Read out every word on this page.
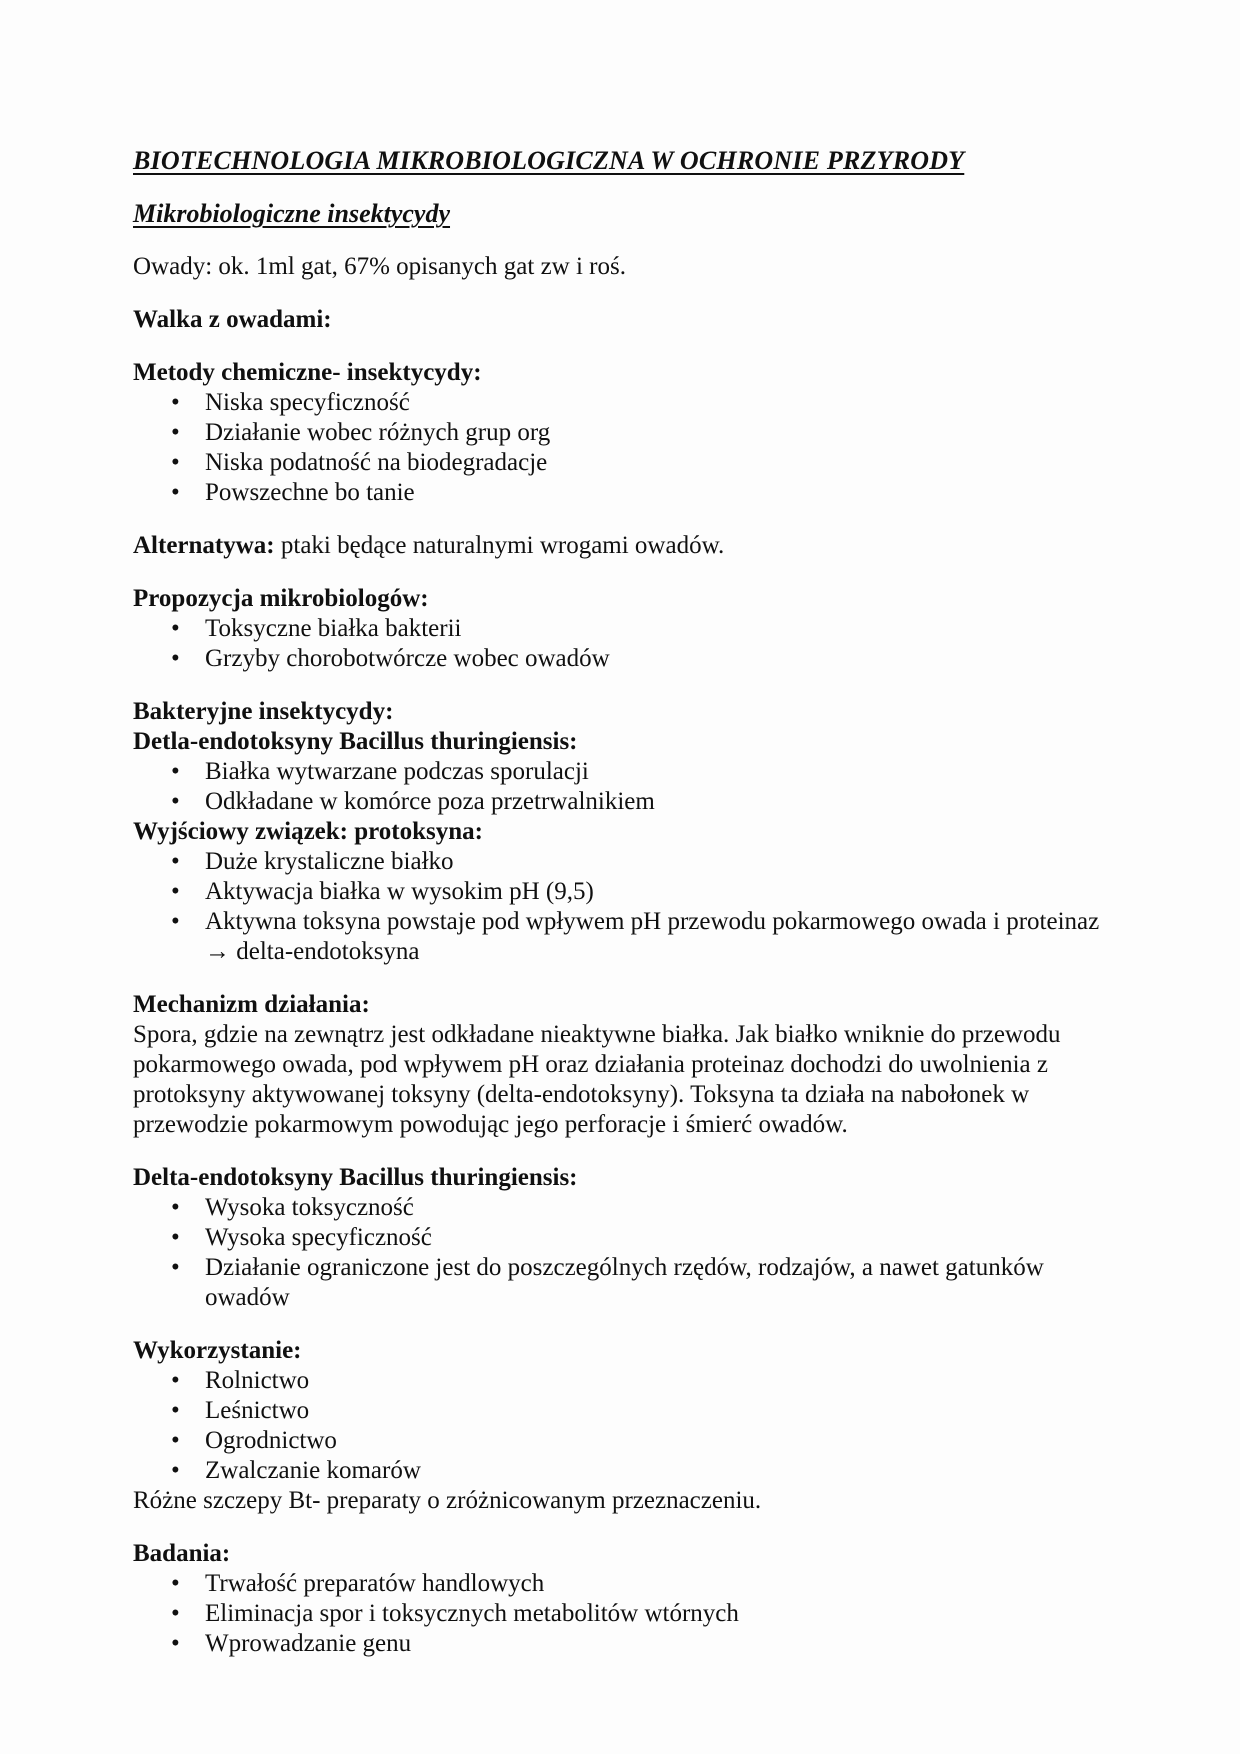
BIOTECHNOLOGIA MIKROBIOLOGICZNA W OCHRONIE PRZYRODY
Mikrobiologiczne insektycydy

Owady: ok. 1ml gat, 67% opisanych gat zw i roś.

Walka z owadami:
Metody chemiczne- insektycydy:
• Niska specyficzność
• Działanie wobec różnych grup org
• Niska podatność na biodegradacje
• Powszechne bo tanie

Alternatywa: ptaki będące naturalnymi wrogami owadów.

Propozycja mikrobiologów:
• Toksyczne białka bakterii
• Grzyby chorobotwórcze wobec owadów
Bakteryjne insektycydy:
Detla-endotoksyny Bacillus thuringiensis:
• Białka wytwarzane podczas sporulacji
• Odkładane w komórce poza przetrwalnikiem
Wyjściowy związek: protoksyna:
• Duże krystaliczne białko
• Aktywacja białka w wysokim pH (9,5)
• Aktywna toksyna powstaje pod wpływem pH przewodu pokarmowego owada i proteinaz → delta-endotoksyna
Mechanizm działania:

Spora, gdzie na zewnątrz jest odkładane nieaktywne białka. Jak białko wniknie do przewodu pokarmowego owada, pod wpływem pH oraz działania proteinaz dochodzi do uwolnienia z protoksyny aktywowanej toksyny (delta-endotoksyny). Toksyna ta działa na nabołonek w przewodzie pokarmowym powodując jego perforacje i śmierć owadów.

Delta-endotoksyny Bacillus thuringiensis:
• Wysoka toksyczność
• Wysoka specyficzność
• Działanie ograniczone jest do poszczególnych rzędów, rodzajów, a nawet gatunków owadów
Wykorzystanie:
• Rolnictwo
• Leśnictwo
• Ogrodnictwo
• Zwalczanie komarów

Różne szczepy Bt- preparaty o zróżnicowanym przeznaczeniu.

Badania:
• Trwałość preparatów handlowych
• Eliminacja spor i toksycznych metabolitów wtórnych
• Wprowadzanie genu
